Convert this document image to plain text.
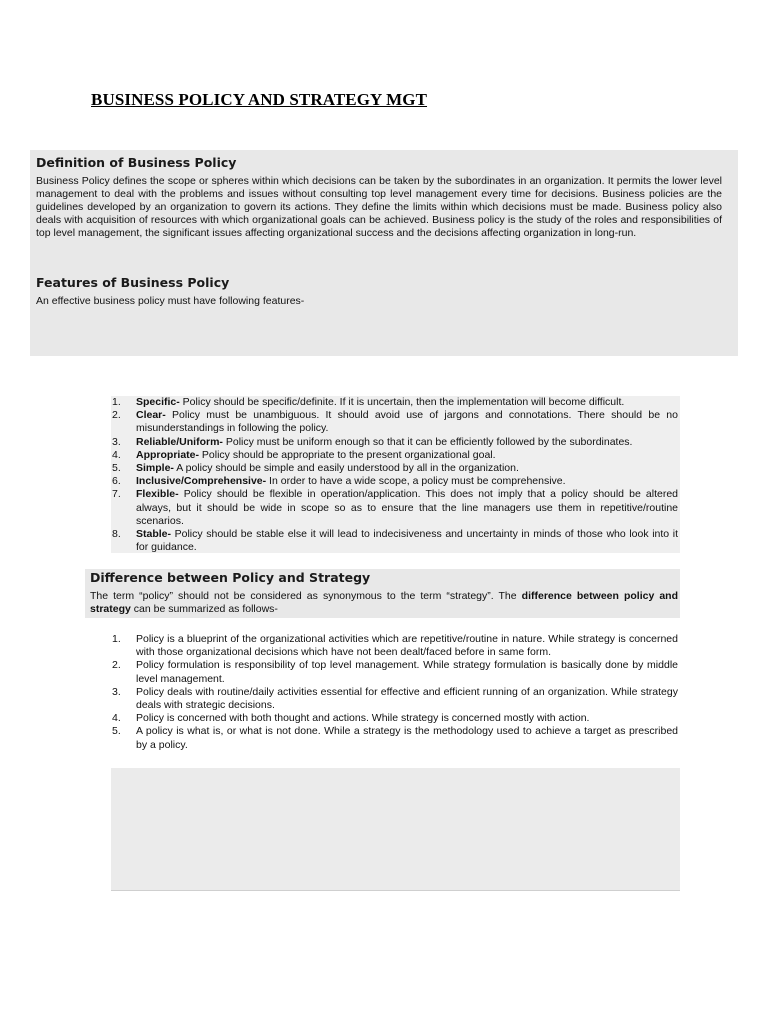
BUSINESS POLICY AND STRATEGY MGT
Definition of Business Policy

Business Policy defines the scope or spheres within which decisions can be taken by the subordinates in an organization. It permits the lower level management to deal with the problems and issues without consulting top level management every time for decisions. Business policies are the guidelines developed by an organization to govern its actions. They define the limits within which decisions must be made. Business policy also deals with acquisition of resources with which organizational goals can be achieved. Business policy is the study of the roles and responsibilities of top level management, the significant issues affecting organizational success and the decisions affecting organization in long-run.

Features of Business Policy

An effective business policy must have following features-

1. Specific- Policy should be specific/definite. If it is uncertain, then the implementation will become difficult.
2. Clear- Policy must be unambiguous. It should avoid use of jargons and connotations. There should be no misunderstandings in following the policy.
3. Reliable/Uniform- Policy must be uniform enough so that it can be efficiently followed by the subordinates.
4. Appropriate- Policy should be appropriate to the present organizational goal.
5. Simple- A policy should be simple and easily understood by all in the organization.
6. Inclusive/Comprehensive- In order to have a wide scope, a policy must be comprehensive.
7. Flexible- Policy should be flexible in operation/application. This does not imply that a policy should be altered always, but it should be wide in scope so as to ensure that the line managers use them in repetitive/routine scenarios.
8. Stable- Policy should be stable else it will lead to indecisiveness and uncertainty in minds of those who look into it for guidance.
Difference between Policy and Strategy

The term “policy” should not be considered as synonymous to the term “strategy”. The difference between policy and strategy can be summarized as follows-

1. Policy is a blueprint of the organizational activities which are repetitive/routine in nature. While strategy is concerned with those organizational decisions which have not been dealt/faced before in same form.
2. Policy formulation is responsibility of top level management. While strategy formulation is basically done by middle level management.
3. Policy deals with routine/daily activities essential for effective and efficient running of an organization. While strategy deals with strategic decisions.
4. Policy is concerned with both thought and actions. While strategy is concerned mostly with action.
5. A policy is what is, or what is not done. While a strategy is the methodology used to achieve a target as prescribed by a policy.
